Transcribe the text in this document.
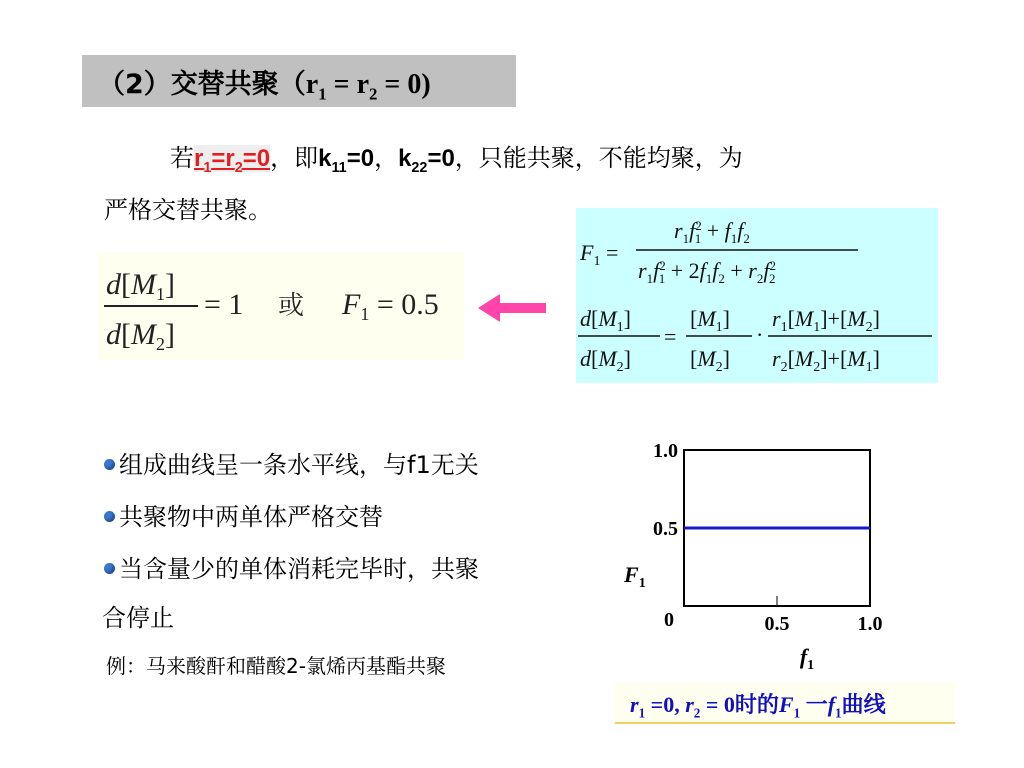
（2）交替共聚$(r_1 = r_2 = 0)$
若$r_1=r_2=0$，即$k_{11}=0$，$k_{22}=0$，只能共聚，不能均聚，为
严格交替共聚。
$d[M_1]$
$d[M_2]$
= 1 或 $F_1 = 0.5$
$F_1$ =
$r_1f^2$ $1 + f_1f_2$
$r_1f^2$ $1 + 2f_1f_2 + r_2f^2$ 2
$d[M_1]$
$d[M_2]$
=
$[M_1]$
$[M_2]$
·
$r_1[M_1]+[M_2]$
$r_2[M_2]+[M_1]$
组成曲线呈一条水平线，与f1无关
共聚物中两单体严格交替
当含量少的单体消耗完毕时，共聚
合停止
例：马来酸酐和醋酸2-氯烯丙基酯共聚
0.5
1.0
0	0.5	1.0
$F_1$
$f_1$
$r_1 =0$, $r_2 = 0$时的$F_1$ 一$f_1$曲线
